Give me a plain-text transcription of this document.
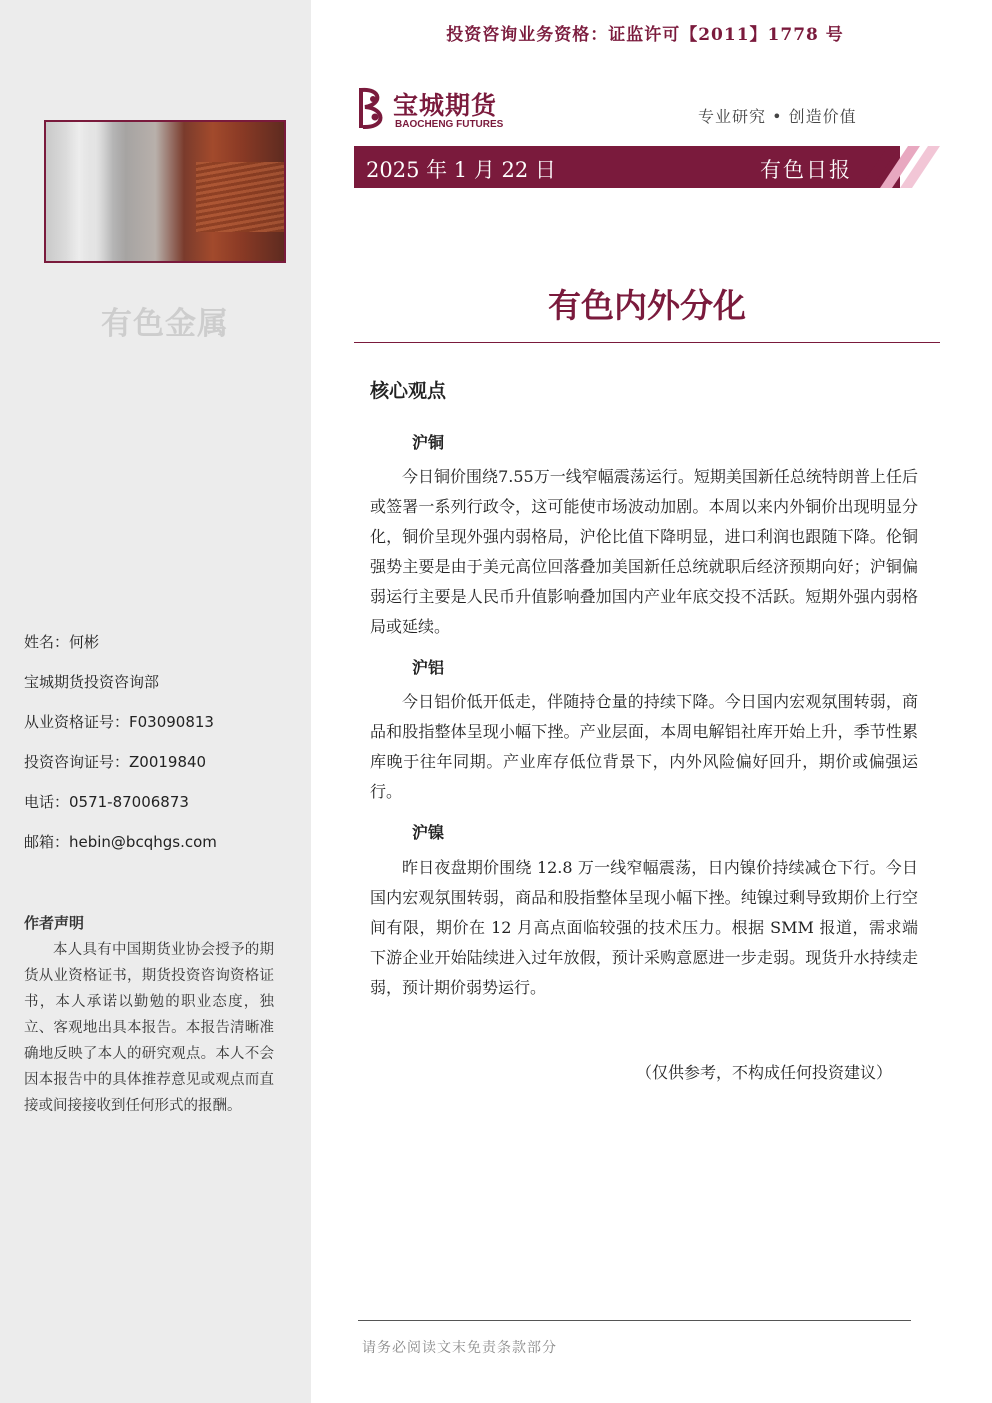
有色金属
姓名：何彬
宝城期货投资咨询部
从业资格证号：F03090813
投资咨询证号：Z0019840
电话：0571-87006873
邮箱：hebin@bcqhgs.com
作者声明
本人具有中国期货业协会授予的期货从业资格证书，期货投资咨询资格证书，本人承诺以勤勉的职业态度，独立、客观地出具本报告。本报告清晰准确地反映了本人的研究观点。本人不会因本报告中的具体推荐意见或观点而直接或间接接收到任何形式的报酬。
投资咨询业务资格：证监许可【2011】1778 号
宝城期货
BAOCHENG FUTURES	专业研究 • 创造价值
2025 年 1 月 22 日	有色日报
有色内外分化
核心观点
沪铜
今日铜价围绕7.55万一线窄幅震荡运行。短期美国新任总统特朗普上任后或签署一系列行政令，这可能使市场波动加剧。本周以来内外铜价出现明显分化，铜价呈现外强内弱格局，沪伦比值下降明显，进口利润也跟随下降。伦铜强势主要是由于美元高位回落叠加美国新任总统就职后经济预期向好；沪铜偏弱运行主要是人民币升值影响叠加国内产业年底交投不活跃。短期外强内弱格局或延续。
沪铝
今日铝价低开低走，伴随持仓量的持续下降。今日国内宏观氛围转弱，商品和股指整体呈现小幅下挫。产业层面，本周电解铝社库开始上升，季节性累库晚于往年同期。产业库存低位背景下，内外风险偏好回升，期价或偏强运行。
沪镍
昨日夜盘期价围绕 12.8 万一线窄幅震荡，日内镍价持续减仓下行。今日国内宏观氛围转弱，商品和股指整体呈现小幅下挫。纯镍过剩导致期价上行空间有限，期价在 12 月高点面临较强的技术压力。根据 SMM 报道，需求端下游企业开始陆续进入过年放假，预计采购意愿进一步走弱。现货升水持续走弱，预计期价弱势运行。
（仅供参考，不构成任何投资建议）
请务必阅读文末免责条款部分
